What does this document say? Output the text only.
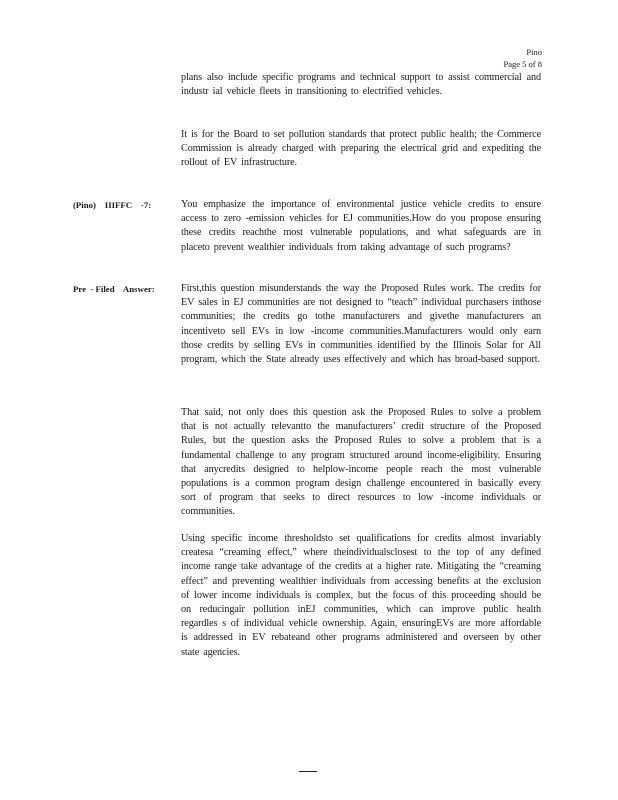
Pino
Page 5 of 8

plans also include specific programs and technical support to assist commercial and industr ial vehicle fleets in transitioning to electrified vehicles.

It is for the Board to set pollution standards that protect public health; the Commerce Commission is already charged with preparing the electrical grid and expediting the rollout of EV infrastructure.

(Pino)    IIIFFC    -7:	You emphasize the importance of environmental justice vehicle credits to ensure access to zero -emission vehicles for EJ communities.How do you propose ensuring these credits reachthe most vulnerable populations, and what safeguards are in placeto prevent wealthier individuals from taking advantage of such programs?

Pre  - Filed    Answer:	First,this question misunderstands the way the Proposed Rules work. The credits for EV sales in EJ communities are not designed to “teach” individual purchasers inthose communities; the credits go tothe manufacturers and givethe manufacturers an incentiveto sell EVs in low -income communities.Manufacturers would only earn those credits by selling EVs in communities identified by the Illinois Solar for All program, which the State already uses effectively and which has broad-based support.

That said, not only does this question ask the Proposed Rules to solve a problem that is not actually relevantto the manufacturers’ credit structure of the Proposed Rules, but the question asks the Proposed Rules to solve a problem that is a fundamental challenge to any program structured around income-eligibility. Ensuring that anycredits designed to helplow-income people reach the most vulnerable populations is a common program design challenge encountered in basically every sort of program that seeks to direct resources to low -income individuals or communities.

Using specific income thresholdsto set qualifications for credits almost invariably createsa “creaming effect,” where theindividualsclosest to the top of any defined income range take advantage of the credits at a higher rate. Mitigating the “creaming effect” and preventing wealthier individuals from accessing benefits at the exclusion of lower income individuals is complex, but the focus of this proceeding should be on reducingair pollution inEJ communities, which can improve public health regardles s of individual vehicle ownership. Again, ensuringEVs are more affordable is addressed in EV rebateand other programs administered and overseen by other state agencies.
